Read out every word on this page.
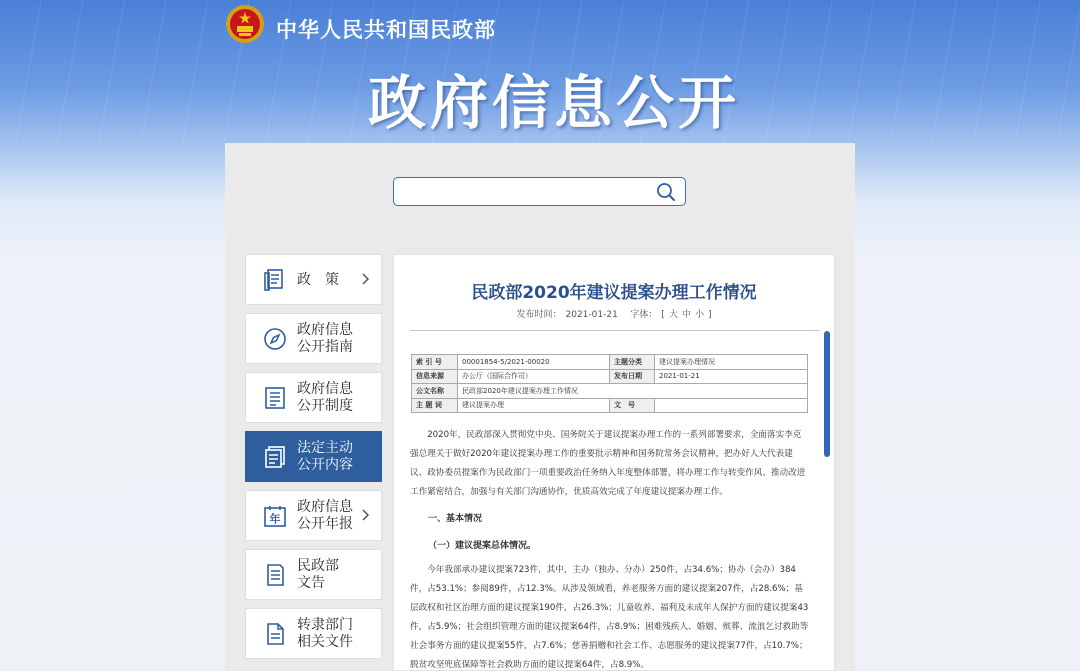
中华人民共和国民政部
政府信息公开
政　策
政府信息
公开指南
政府信息
公开制度
法定主动
公开内容
年
政府信息
公开年报
民政部
文告
转隶部门
相关文件
民政部2020年建议提案办理工作情况
发布时间： 2021-01-21 字体： [ 大 中 小 ]
索 引 号	00001854-5/2021-00020	主题分类	建议提案办理情况
信息来源	办公厅（国际合作司）	发布日期	2021-01-21
公文名称	民政部2020年建议提案办理工作情况		
主 题 词	建议提案办理	文　号	
2020年，民政部深入贯彻党中央、国务院关于建议提案办理工作的一系列部署要求，全面落实李克强总理关于做好2020年建议提案办理工作的重要批示精神和国务院常务会议精神，把办好人大代表建议、政协委员提案作为民政部门一项重要政治任务纳入年度整体部署，将办理工作与转变作风、推动改进工作紧密结合，加强与有关部门沟通协作，优质高效完成了年度建议提案办理工作。
一、基本情况
（一）建议提案总体情况。
今年我部承办建议提案723件，其中，主办（独办、分办）250件，占34.6%；协办（会办）384件，占53.1%；参阅89件，占12.3%。从涉及领域看，养老服务方面的建议提案207件，占28.6%；基层政权和社区治理方面的建议提案190件，占26.3%；儿童收养、福利及未成年人保护方面的建议提案43件，占5.9%；社会组织管理方面的建议提案64件，占8.9%；困难残疾人、婚姻、殡葬、流浪乞讨救助等社会事务方面的建议提案55件，占7.6%；慈善捐赠和社会工作、志愿服务的建议提案77件，占10.7%；脱贫攻坚兜底保障等社会救助方面的建议提案64件，占8.9%。
